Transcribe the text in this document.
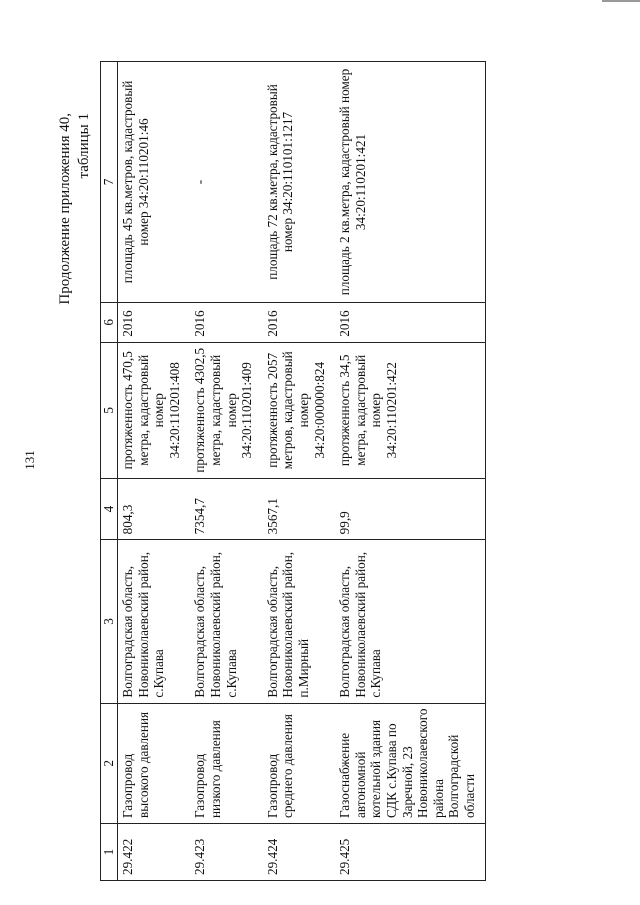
131
Продолжение приложения 40, таблицы 1
1	2	3	4	5	6	7
29.422	Газопровод высокого давления	Волгоградская область, Новониколаевский район, с.Купава	804,3	протяженность 470,5 метра, кадастровый номер 34:20:110201:408	2016	площадь 45 кв.метров, кадастровый номер 34:20:110201:46
29.423	Газопровод низкого давления	Волгоградская область, Новониколаевский район, с.Купава	7354,7	протяженность 4302,5 метра, кадастровый номер 34:20:110201:409	2016	-
29.424	Газопровод среднего давления	Волгоградская область, Новониколаевский район, п.Мирный	3567,1	протяженность 2057 метров, кадастровый номер 34:20:000000:824	2016	площадь 72 кв.метра, кадастровый номер 34:20:110101:1217
29.425	Газоснабжение автономной котельной здания СДК с.Купава по Заречной, 23 Новониколаевского района Волгоградской области	Волгоградская область, Новониколаевский район, с.Купава	99,9	протяженность 34,5 метра, кадастровый номер 34:20:110201:422	2016	площадь 2 кв.метра, кадастровый номер 34:20:110201:421
